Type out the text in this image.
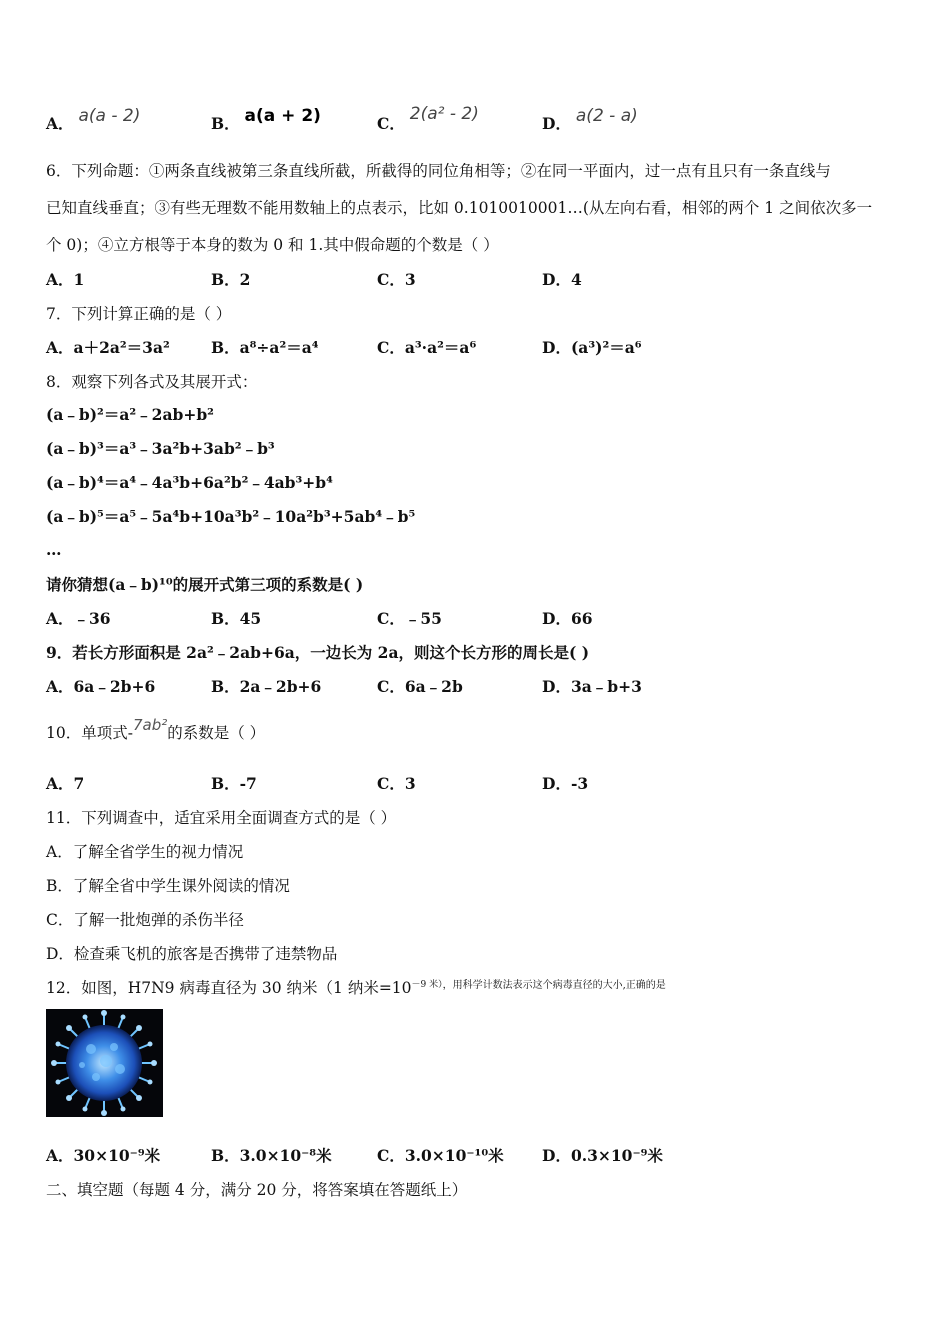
A． a(a - 2)	B． a(a + 2)	C． 2(a² - 2)	D． a(2 - a)
6．下列命题：①两条直线被第三条直线所截，所截得的同位角相等；②在同一平面内，过一点有且只有一条直线与
已知直线垂直；③有些无理数不能用数轴上的点表示，比如 0.1010010001…(从左向右看，相邻的两个 1 之间依次多一
个 0)；④立方根等于本身的数为 0 和 1.其中假命题的个数是（ ）
A．1	B．2	C．3	D．4
7．下列计算正确的是（ ）
A．a＋2a²＝3a²	B．a⁸÷a²＝a⁴	C．a³·a²＝a⁶	D．(a³)²＝a⁶
8．观察下列各式及其展开式：
(a﹣b)²＝a²﹣2ab+b²
(a﹣b)³＝a³﹣3a²b+3ab²﹣b³
(a﹣b)⁴＝a⁴﹣4a³b+6a²b²﹣4ab³+b⁴
(a﹣b)⁵＝a⁵﹣5a⁴b+10a³b²﹣10a²b³+5ab⁴﹣b⁵
…
请你猜想(a﹣b)¹⁰的展开式第三项的系数是( )
A．﹣36	B．45	C．﹣55	D．66
9．若长方形面积是 2a²﹣2ab+6a，一边长为 2a，则这个长方形的周长是( )
A．6a﹣2b+6	B．2a﹣2b+6	C．6a﹣2b	D．3a﹣b+3
10．单项式-7ab²的系数是（ ）
A．7	B．-7	C．3	D．-3
11．下列调查中，适宜采用全面调查方式的是（ ）
A．了解全省学生的视力情况
B．了解全省中学生课外阅读的情况
C．了解一批炮弹的杀伤半径
D．检查乘飞机的旅客是否携带了违禁物品
12．如图，H7N9 病毒直径为 30 纳米（1 纳米$=10^{-9 米),用科学计数法表示这个病毒直径的大小,正确的是}$
A．30×10⁻⁹米	B．3.0×10⁻⁸米	C．3.0×10⁻¹⁰米 D．0.3×10⁻⁹米
二、填空题（每题 4 分，满分 20 分，将答案填在答题纸上）
